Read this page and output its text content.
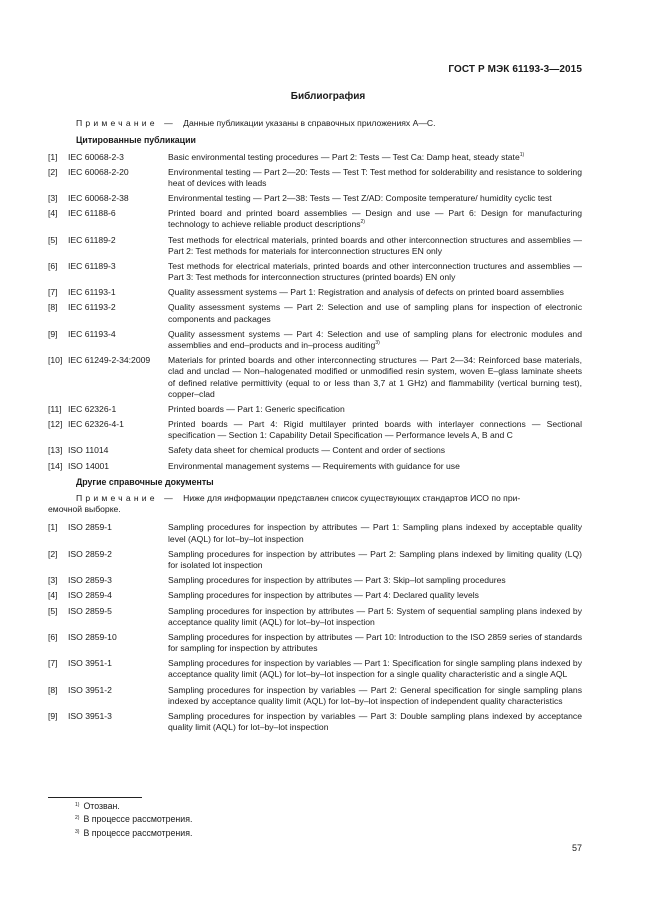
ГОСТ Р МЭК 61193-3—2015
Библиография
Примечание — Данные публикации указаны в справочных приложениях А—С.
Цитированные публикации
[1]	IEC 60068-2-3	Basic environmental testing procedures — Part 2: Tests — Test Ca: Damp heat, steady state$^{1)}$
[2]	IEC 60068-2-20	Environmental testing — Part 2—20: Tests — Test T: Test method for solderability and resistance to soldering heat of devices with leads
[3]	IEC 60068-2-38	Environmental testing — Part 2—38: Tests — Test Z/AD: Composite temperature/ humidity cyclic test
[4]	IEC 61188-6	Printed board and printed board assemblies — Design and use — Part 6: Design for manufacturing technology to achieve reliable product descriptions$^{2)}$
[5]	IEC 61189-2	Test methods for electrical materials, printed boards and other interconnection structures and assemblies — Part 2: Test methods for materials for interconnection structures EN only
[6]	IEC 61189-3	Test methods for electrical materials, printed boards and other interconnection tructures and assemblies — Part 3: Test methods for interconnection structures (printed boards) EN only
[7]	IEC 61193-1	Quality assessment systems — Part 1: Registration and analysis of defects on printed board assemblies
[8]	IEC 61193-2	Quality assessment systems — Part 2: Selection and use of sampling plans for inspection of electronic components and packages
[9]	IEC 61193-4	Quality assessment systems — Part 4: Selection and use of sampling plans for electronic modules and assemblies and end–products and in–process auditing$^{3)}$
[10] IEC 61249-2-34:2009	Materials for printed boards and other interconnecting structures — Part 2—34: Reinforced base materials, clad and unclad — Non–halogenated modified or unmodified resin system, woven E–glass laminate sheets of defined relative permittivity (equal to or less than 3,7 at 1 GHz) and flammability (vertical burning test), copper–clad
[11] IEC 62326-1	Printed boards — Part 1: Generic specification
[12] IEC 62326-4-1	Printed boards — Part 4: Rigid multilayer printed boards with interlayer connections — Sectional specification — Section 1: Capability Detail Specification — Performance levels A, B and C
[13] ISO 11014	Safety data sheet for chemical products — Content and order of sections
[14] ISO 14001	Environmental management systems — Requirements with guidance for use
Другие справочные документы
Примечание — Ниже для информации представлен список существующих стандартов ИСО по при-
емочной выборке.
[1]	ISO 2859-1	Sampling procedures for inspection by attributes — Part 1: Sampling plans indexed by acceptable quality level (AQL) for lot–by–lot inspection
[2]	ISO 2859-2	Sampling procedures for inspection by attributes — Part 2: Sampling plans indexed by limiting quality (LQ) for isolated lot inspection
[3]	ISO 2859-3	Sampling procedures for inspection by attributes — Part 3: Skip–lot sampling procedures
[4]	ISO 2859-4	Sampling procedures for inspection by attributes — Part 4: Declared quality levels
[5]	ISO 2859-5	Sampling procedures for inspection by attributes — Part 5: System of sequential sampling plans indexed by acceptance quality limit (AQL) for lot–by–lot inspection
[6]	ISO 2859-10	Sampling procedures for inspection by attributes — Part 10: Introduction to the ISO 2859 series of standards for sampling for inspection by attributes
[7]	ISO 3951-1	Sampling procedures for inspection by variables — Part 1: Specification for single sampling plans indexed by acceptance quality limit (AQL) for lot–by–lot inspection for a single quality characteristic and a single AQL
[8]	ISO 3951-2	Sampling procedures for inspection by variables — Part 2: General specification for single sampling plans indexed by acceptance quality limit (AQL) for lot–by–lot inspection of independent quality characteristics
[9]	ISO 3951-3	Sampling procedures for inspection by variables — Part 3: Double sampling plans indexed by acceptance quality limit (AQL) for lot–by–lot inspection
$^{1)}$ Отозван.
$^{2)}$ В процессе рассмотрения.
$^{3)}$ В процессе рассмотрения.
57
